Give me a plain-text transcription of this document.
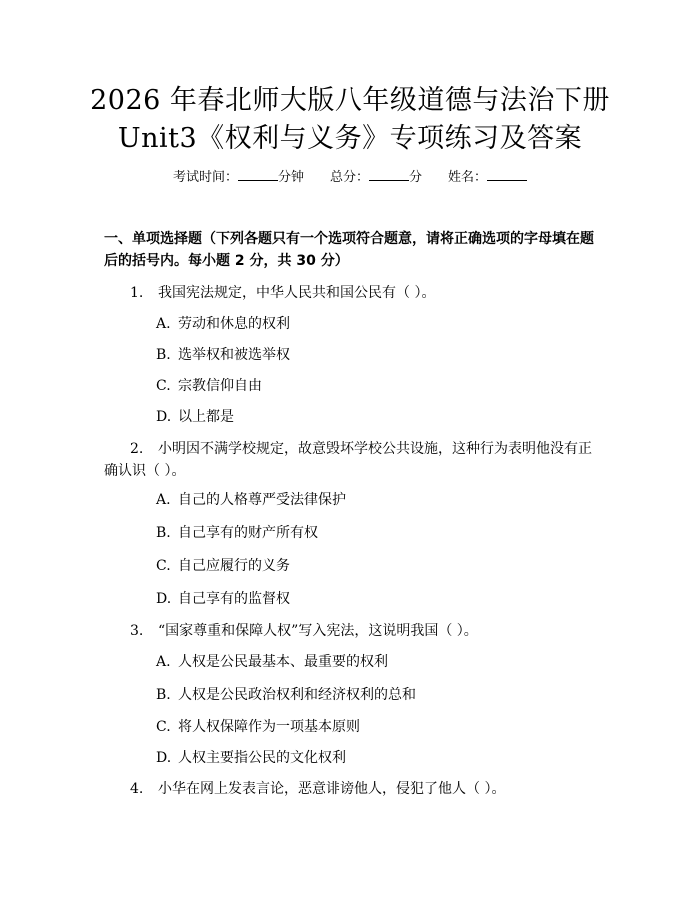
2026 年春北师大版八年级道德与法治下册
Unit3《权利与义务》专项练习及答案
考试时间：	分钟 总分：	分 姓名：
一、单项选择题（下列各题只有一个选项符合题意，请将正确选项的字母填在题后的括号内。每小题 2 分，共 30 分）
1. 我国宪法规定，中华人民共和国公民有（ ）。
A. 劳动和休息的权利
B. 选举权和被选举权
C. 宗教信仰自由
D. 以上都是
2. 小明因不满学校规定，故意毁坏学校公共设施，这种行为表明他没有正确认识（ ）。
A. 自己的人格尊严受法律保护
B. 自己享有的财产所有权
C. 自己应履行的义务
D. 自己享有的监督权
3. “国家尊重和保障人权”写入宪法，这说明我国（ ）。
A. 人权是公民最基本、最重要的权利
B. 人权是公民政治权利和经济权利的总和
C. 将人权保障作为一项基本原则
D. 人权主要指公民的文化权利
4. 小华在网上发表言论，恶意诽谤他人，侵犯了他人（ ）。
